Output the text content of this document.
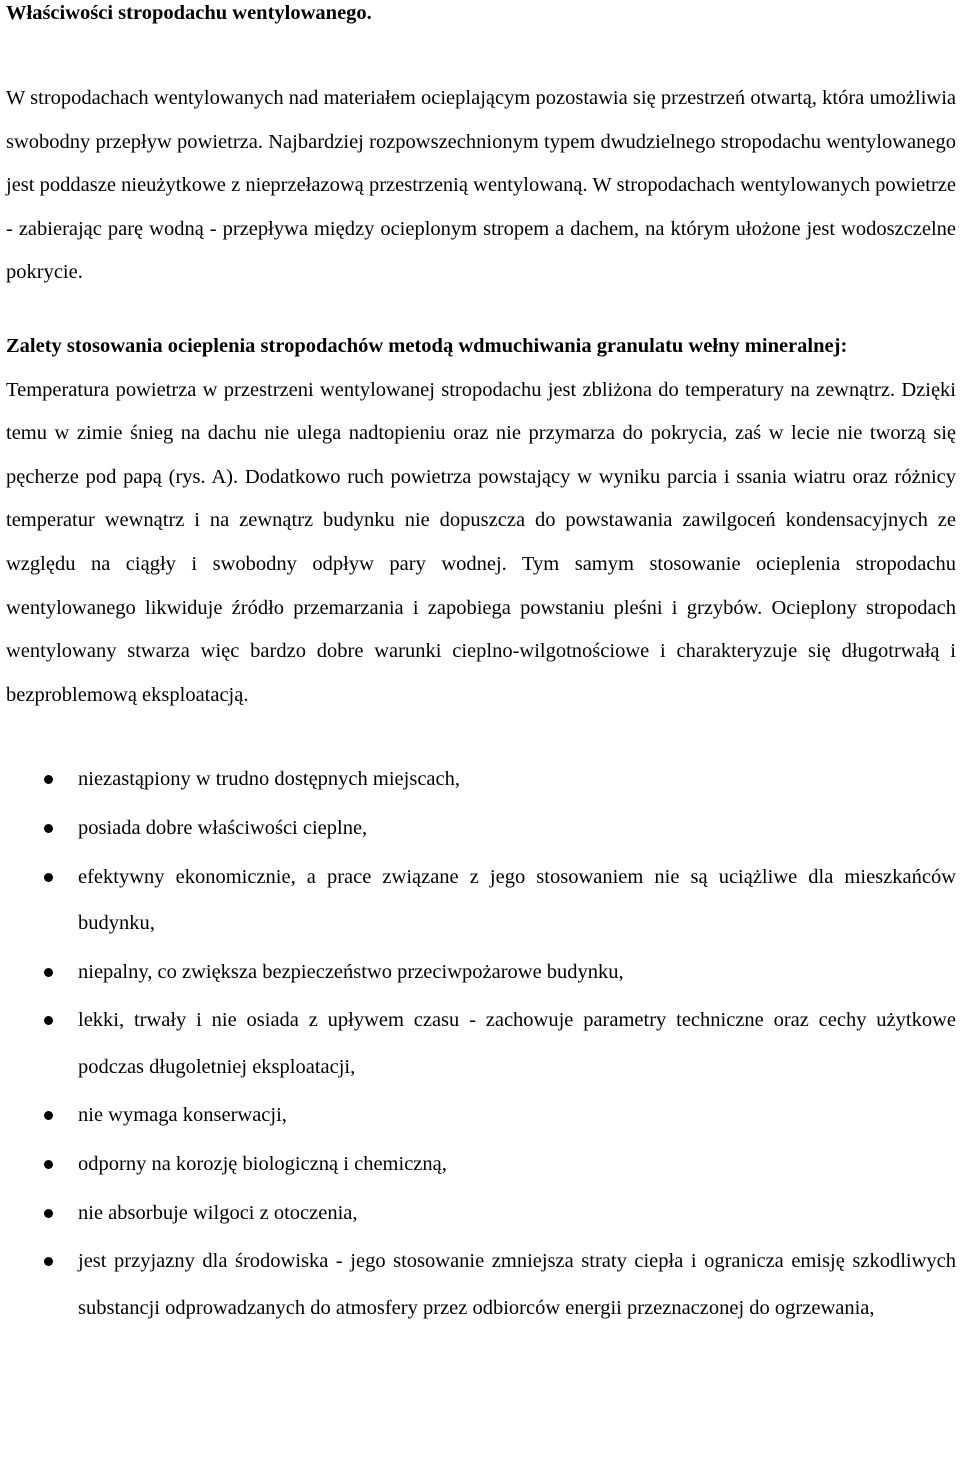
Właściwości stropodachu wentylowanego.

W stropodachach wentylowanych nad materiałem ocieplającym pozostawia się przestrzeń otwartą, która umożliwia swobodny przepływ powietrza. Najbardziej rozpowszechnionym typem dwudzielnego stropodachu wentylowanego jest poddasze nieużytkowe z nieprzełazową przestrzenią wentylowaną. W stropodachach wentylowanych powietrze - zabierając parę wodną - przepływa między ocieplonym stropem a dachem, na którym ułożone jest wodoszczelne pokrycie.

Zalety stosowania ocieplenia stropodachów metodą wdmuchiwania granulatu wełny mineralnej:

Temperatura powietrza w przestrzeni wentylowanej stropodachu jest zbliżona do temperatury na zewnątrz. Dzięki temu w zimie śnieg na dachu nie ulega nadtopieniu oraz nie przymarza do pokrycia, zaś w lecie nie tworzą się pęcherze pod papą (rys. A). Dodatkowo ruch powietrza powstający w wyniku parcia i ssania wiatru oraz różnicy temperatur wewnątrz i na zewnątrz budynku nie dopuszcza do powstawania zawilgoceń kondensacyjnych ze względu na ciągły i swobodny odpływ pary wodnej. Tym samym stosowanie ocieplenia stropodachu wentylowanego likwiduje źródło przemarzania i zapobiega powstaniu pleśni i grzybów. Ocieplony stropodach wentylowany stwarza więc bardzo dobre warunki cieplno-wilgotnościowe i charakteryzuje się długotrwałą i bezproblemową eksploatacją.

niezastąpiony w trudno dostępnych miejscach,
posiada dobre właściwości cieplne,
efektywny ekonomicznie, a prace związane z jego stosowaniem nie są uciążliwe dla mieszkańców budynku,
niepalny, co zwiększa bezpieczeństwo przeciwpożarowe budynku,
lekki, trwały i nie osiada z upływem czasu - zachowuje parametry techniczne oraz cechy użytkowe podczas długoletniej eksploatacji,
nie wymaga konserwacji,
odporny na korozję biologiczną i chemiczną,
nie absorbuje wilgoci z otoczenia,
jest przyjazny dla środowiska - jego stosowanie zmniejsza straty ciepła i ogranicza emisję szkodliwych substancji odprowadzanych do atmosfery przez odbiorców energii przeznaczonej do ogrzewania,
